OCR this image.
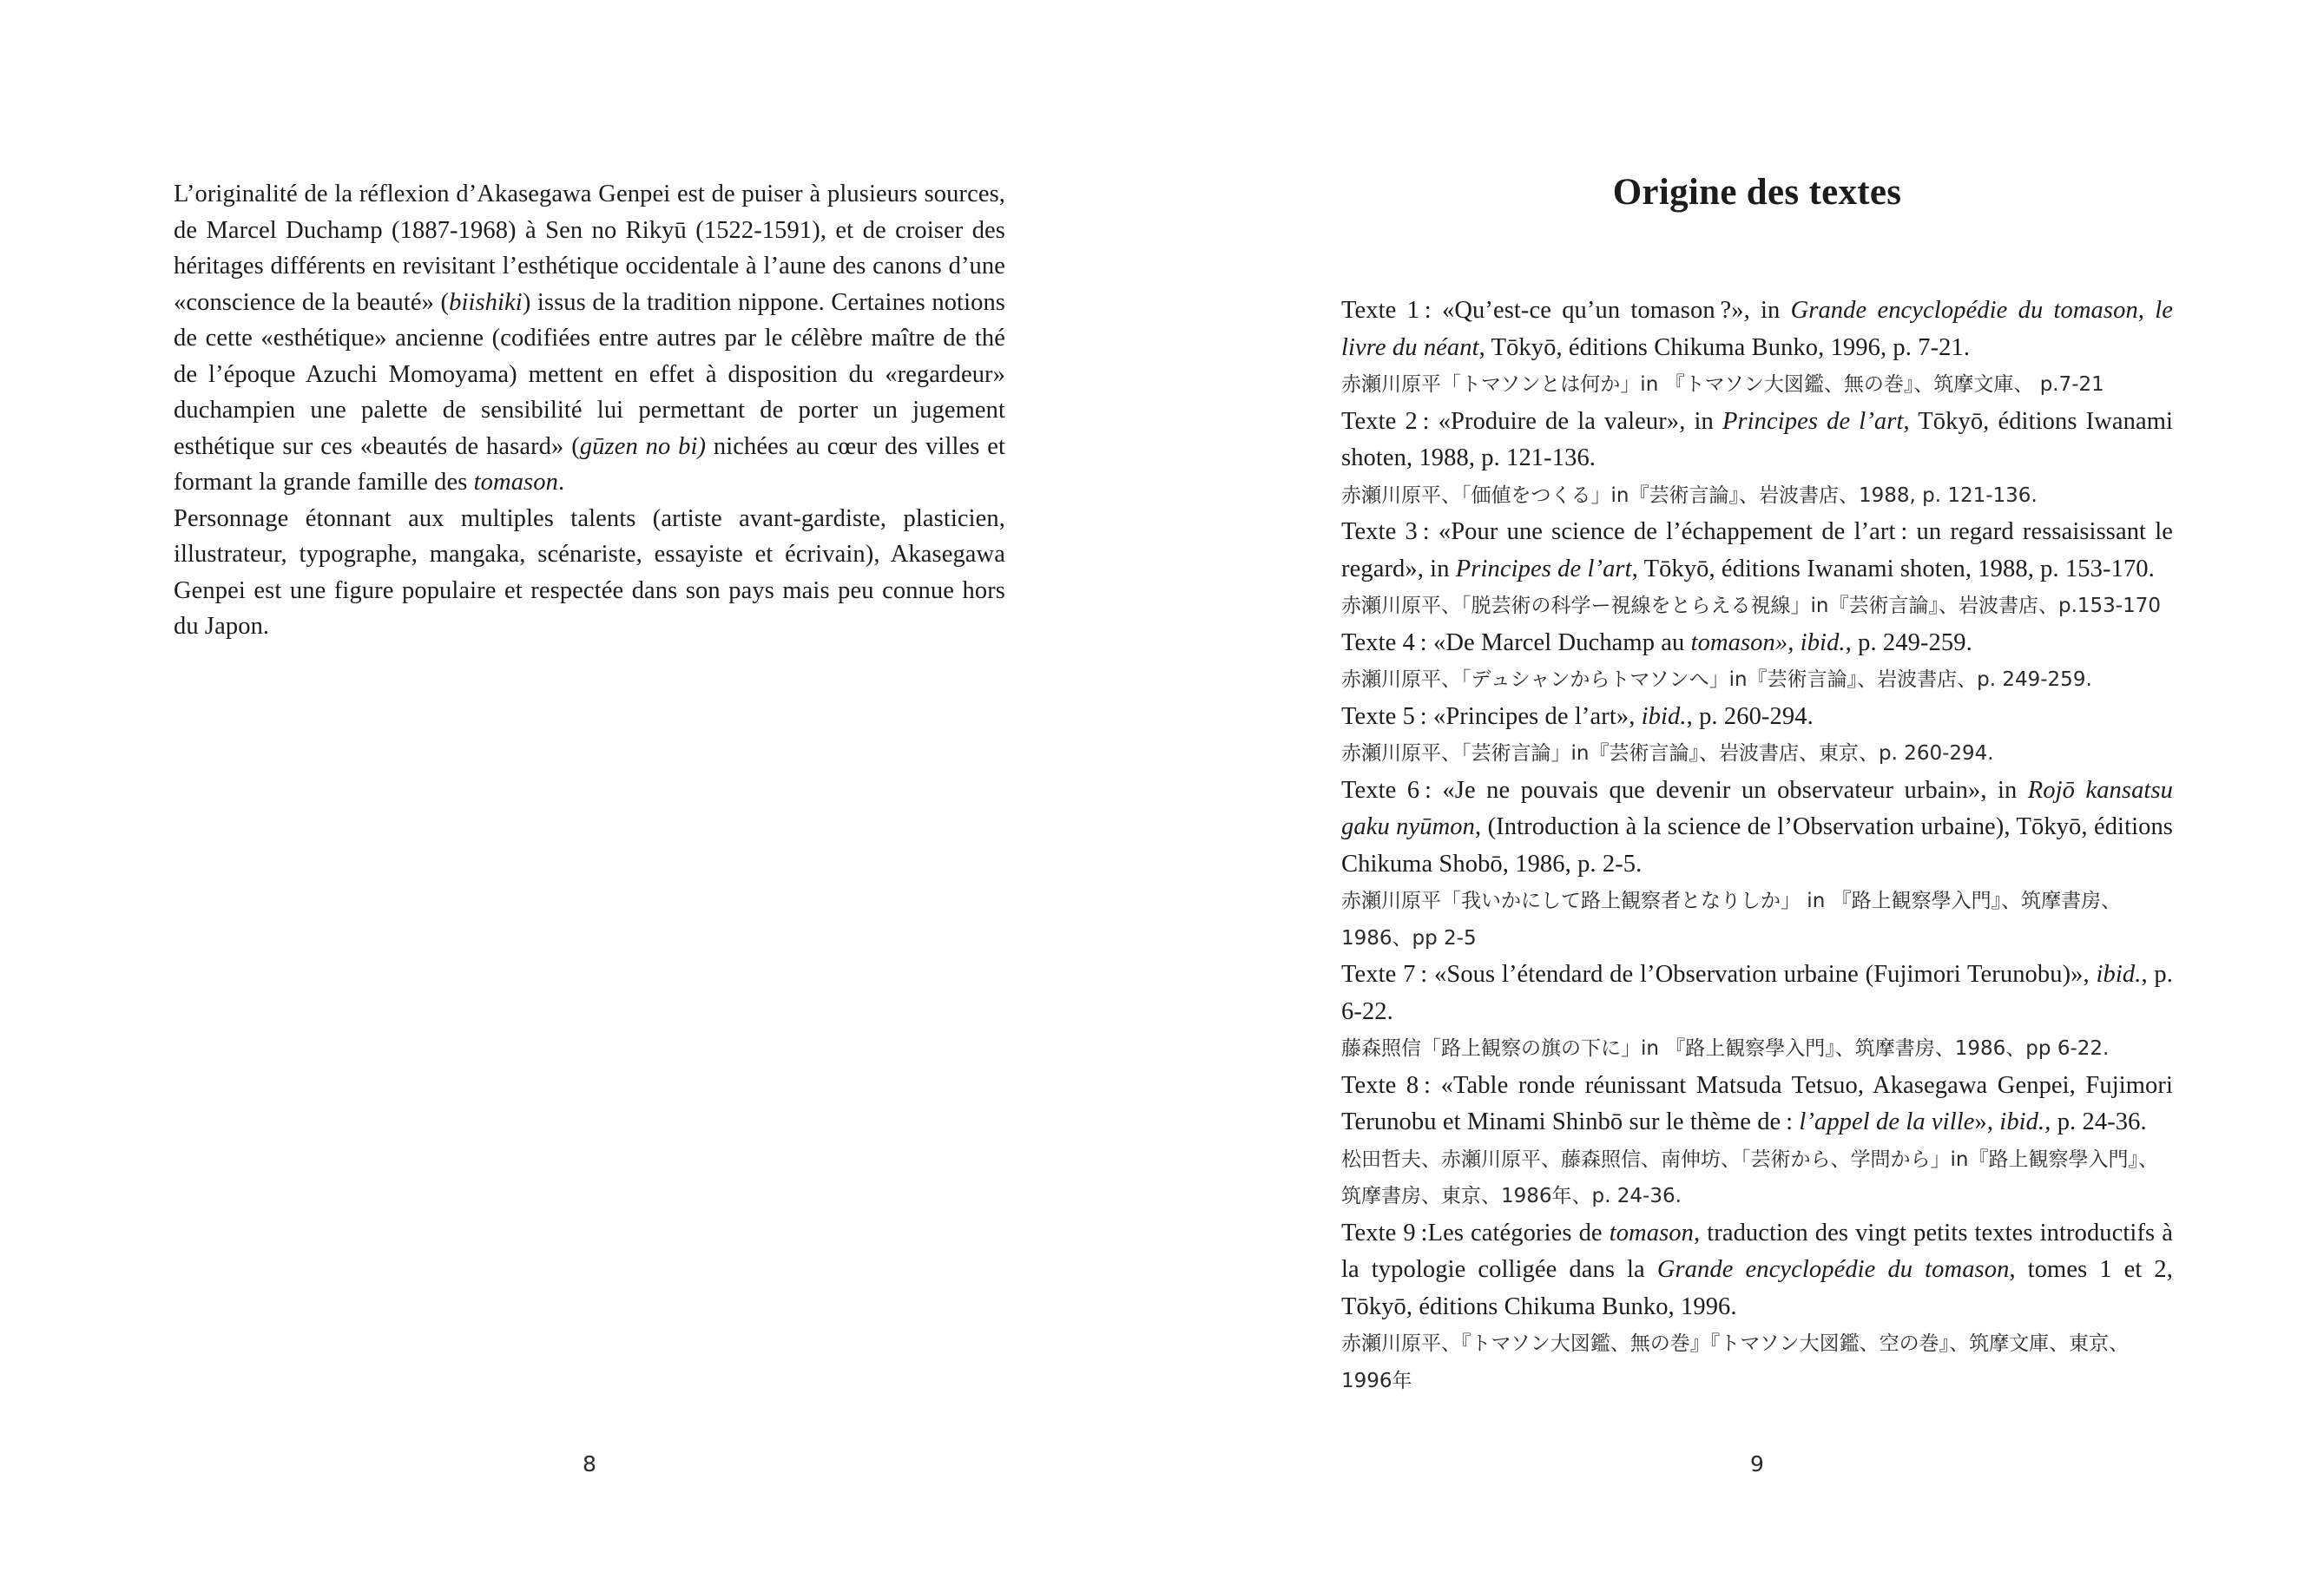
L’originalité de la réflexion d’Akasegawa Genpei est de puiser à plusieurs sources, de Marcel Duchamp (1887-1968) à Sen no Rikyū (1522-1591), et de croiser des héritages différents en revisitant l’esthétique occidentale à l’aune des canons d’une «conscience de la beauté» (biishiki) issus de la tradition nippone. Certaines notions de cette «esthétique» ancienne (codifiées entre autres par le célèbre maître de thé de l’époque Azuchi Momoyama) mettent en effet à disposition du «regardeur» duchampien une palette de sensibilité lui permettant de porter un jugement esthétique sur ces «beautés de hasard» (gūzen no bi) nichées au cœur des villes et formant la grande famille des tomason.

Personnage étonnant aux multiples talents (artiste avant-gardiste, plasticien, illustrateur, typographe, mangaka, scénariste, essayiste et écrivain), Akasegawa Genpei est une figure populaire et respectée dans son pays mais peu connue hors du Japon.

8
Origine des textes

Texte 1 : «Qu’est-ce qu’un tomason ?», in Grande encyclopédie du tomason, le livre du néant, Tōkyō, éditions Chikuma Bunko, 1996, p. 7-21.

赤瀬川原平「トマソンとは何か」in 『トマソン大図鑑、無の巻』、筑摩文庫、 p.7-21

Texte 2 : «Produire de la valeur», in Principes de l’art, Tōkyō, éditions Iwanami shoten, 1988, p. 121-136.

赤瀬川原平、「価値をつくる」in『芸術言論』、岩波書店、1988, p. 121-136.

Texte 3 : «Pour une science de l’échappement de l’art : un regard ressaisissant le regard», in Principes de l’art, Tōkyō, éditions Iwanami shoten, 1988, p. 153-170.

赤瀬川原平、「脱芸術の科学ー視線をとらえる視線」in『芸術言論』、岩波書店、p.153-170

Texte 4 : «De Marcel Duchamp au tomason», ibid., p. 249-259.

赤瀬川原平、「デュシャンからトマソンへ」in『芸術言論』、岩波書店、p. 249-259.

Texte 5 : «Principes de l’art», ibid., p. 260-294.

赤瀬川原平、「芸術言論」in『芸術言論』、岩波書店、東京、p. 260-294.

Texte 6 : «Je ne pouvais que devenir un observateur urbain», in Rojō kansatsu gaku nyūmon, (Introduction à la science de l’Observation urbaine), Tōkyō, éditions Chikuma Shobō, 1986, p. 2-5.

赤瀬川原平「我いかにして路上観察者となりしか」 in 『路上観察學入門』、筑摩書房、1986、pp 2-5

Texte 7 : «Sous l’étendard de l’Observation urbaine (Fujimori Terunobu)», ibid., p. 6-22.

藤森照信「路上観察の旗の下に」in 『路上観察學入門』、筑摩書房、1986、pp 6-22.

Texte 8 : «Table ronde réunissant Matsuda Tetsuo, Akasegawa Genpei, Fujimori Terunobu et Minami Shinbō sur le thème de : l’appel de la ville», ibid., p. 24-36.

松田哲夫、赤瀬川原平、藤森照信、南伸坊、「芸術から、学問から」in『路上観察學入門』、筑摩書房、東京、1986年、p. 24-36.

Texte 9 :Les catégories de tomason, traduction des vingt petits textes introductifs à la typologie colligée dans la Grande encyclopédie du tomason, tomes 1 et 2, Tōkyō, éditions Chikuma Bunko, 1996.

赤瀬川原平、『トマソン大図鑑、無の巻』『トマソン大図鑑、空の巻』、筑摩文庫、東京、1996年

9
